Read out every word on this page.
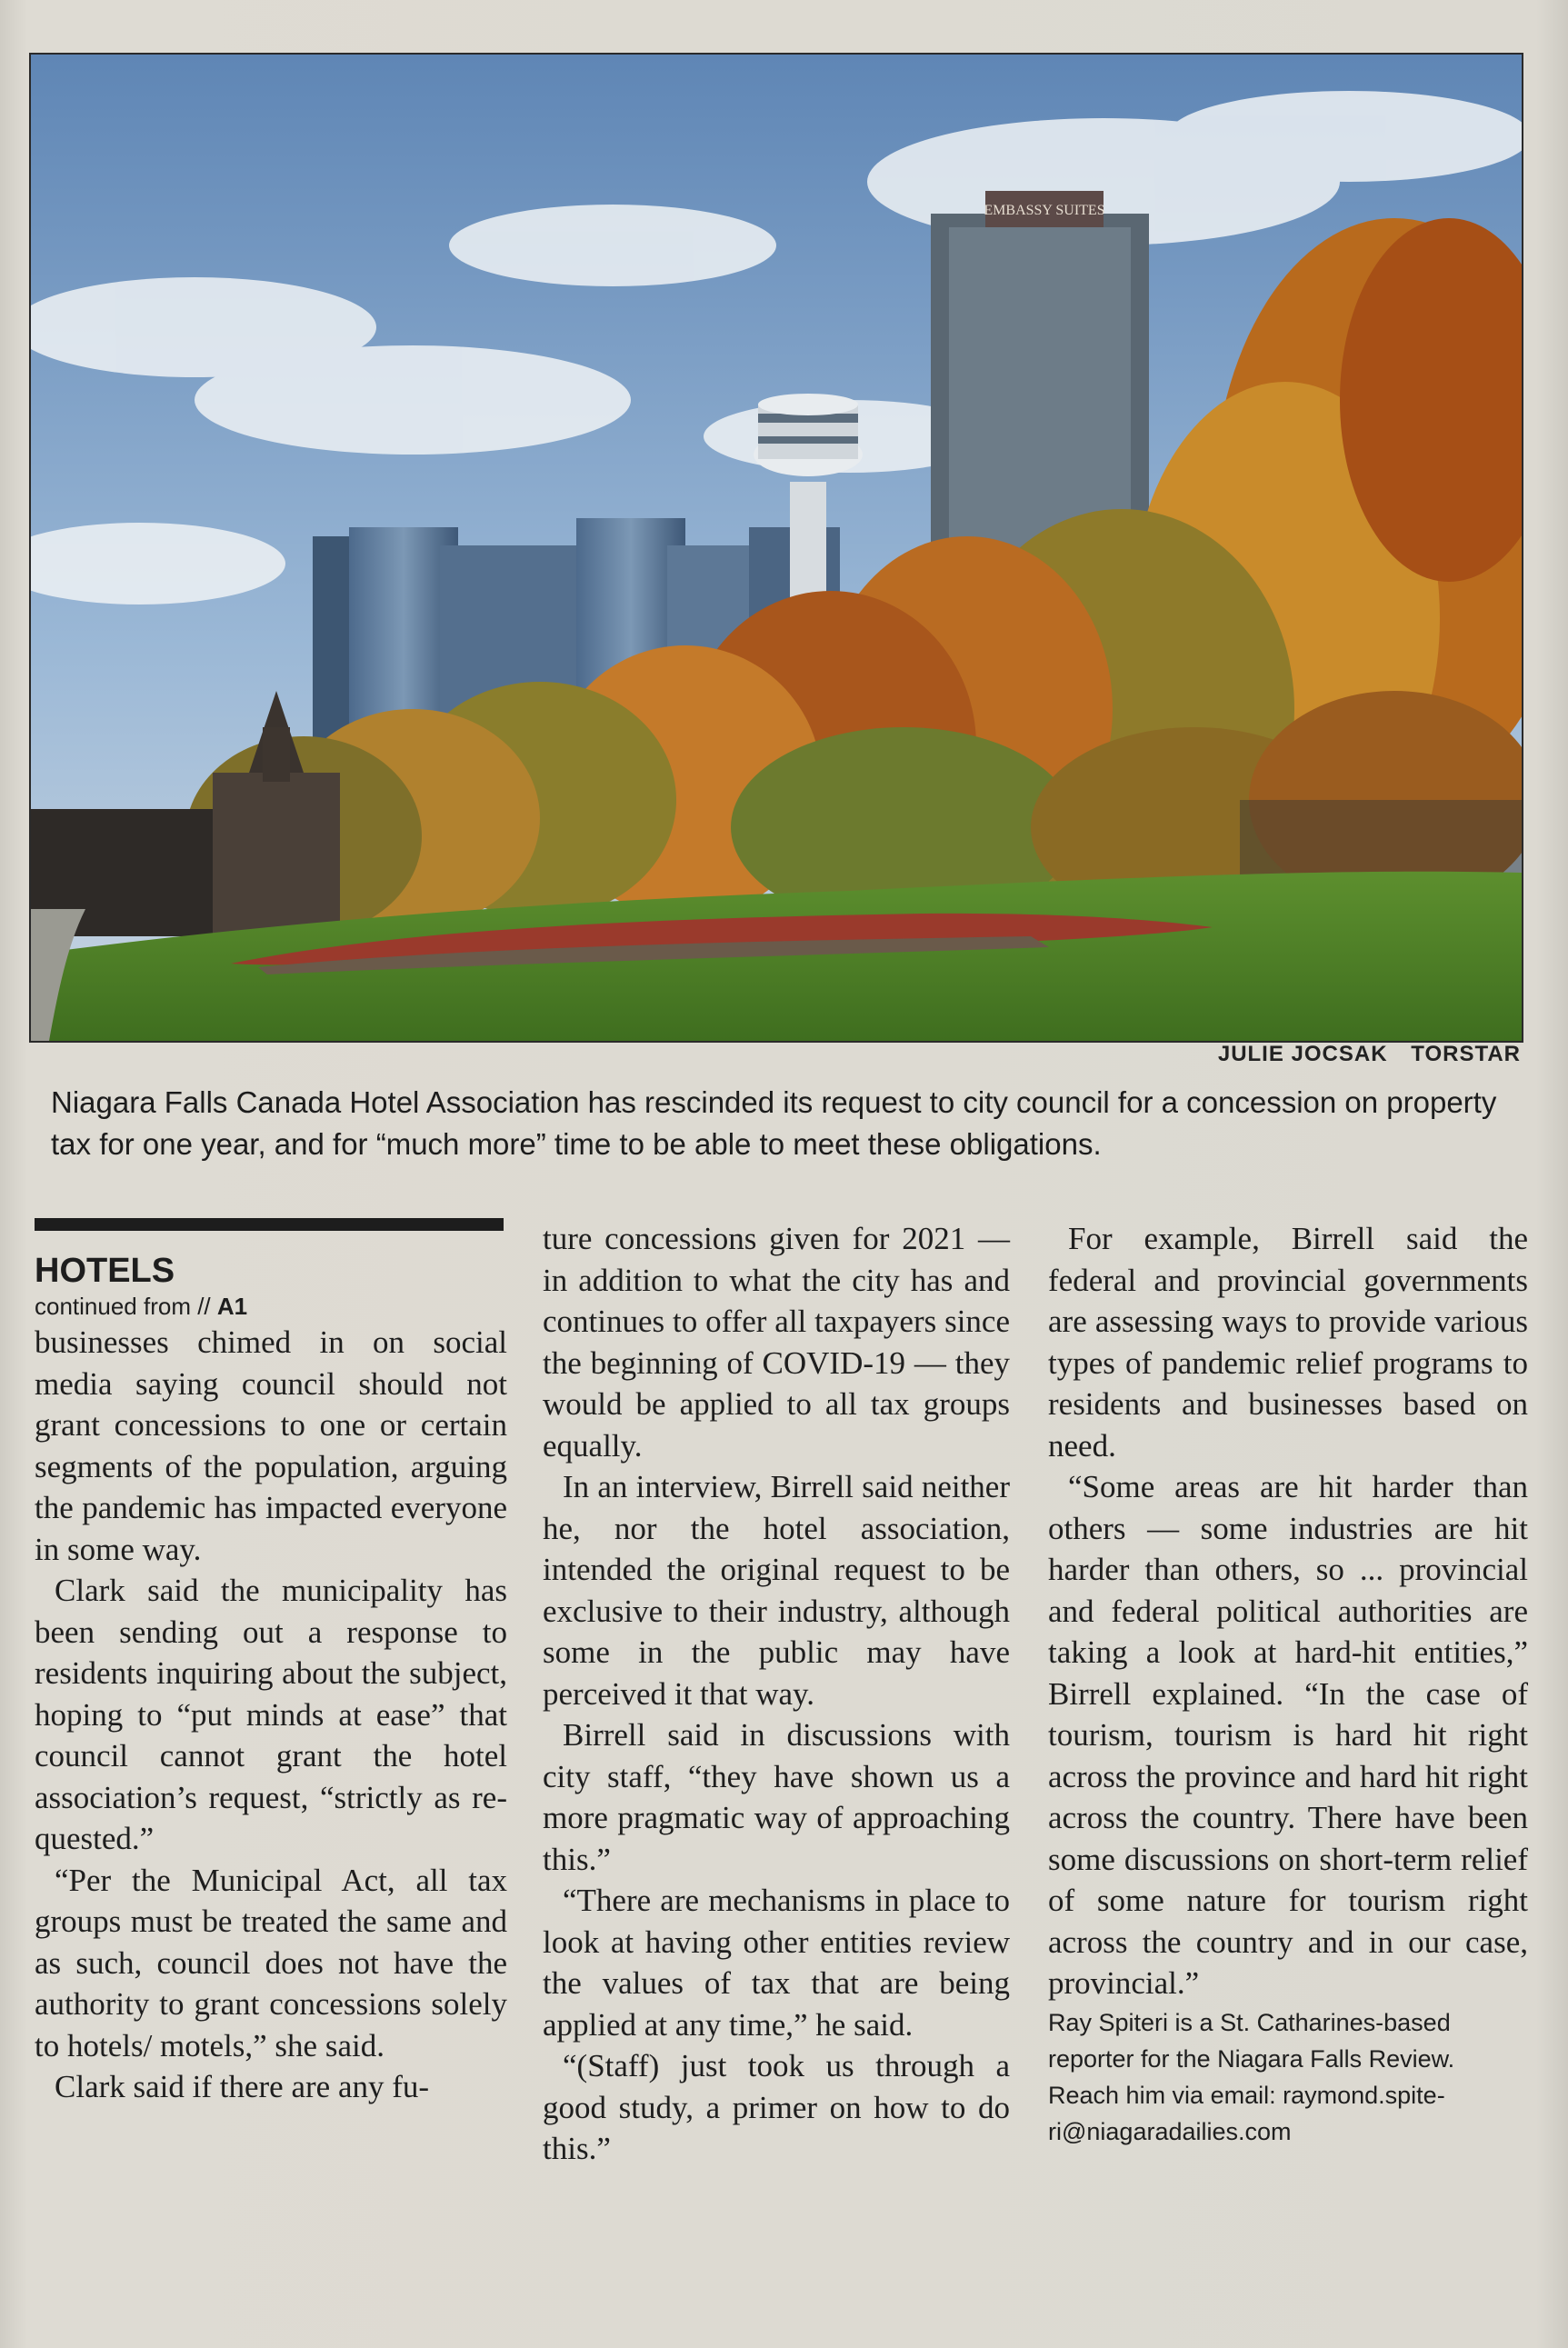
EMBASSY SUITES
JULIE JOCSAK TORSTAR
Niagara Falls Canada Hotel Association has rescinded its request to city council for a concession on property tax for one year, and for “much more” time to be able to meet these obligations.

HOTELS

continued from // A1

businesses chimed in on social media saying council should not grant concessions to one or certain segments of the population, arguing the pandemic has impacted everyone in some way.

Clark said the municipality has been sending out a response to residents inquiring about the subject, hoping to “put minds at ease” that council cannot grant the hotel association’s request, “strictly as requested.”

“Per the Municipal Act, all tax groups must be treated the same and as such, council does not have the authority to grant concessions solely to hotels/ motels,” she said.

Clark said if there are any fu-

ture concessions given for 2021 — in addition to what the city has and continues to offer all taxpayers since the beginning of COVID-19 — they would be applied to all tax groups equally.

In an interview, Birrell said neither he, nor the hotel association, intended the original request to be exclusive to their industry, although some in the public may have perceived it that way.

Birrell said in discussions with city staff, “they have shown us a more pragmatic way of approaching this.”

“There are mechanisms in place to look at having other entities review the values of tax that are being applied at any time,” he said.

“(Staff) just took us through a good study, a primer on how to do this.”

For example, Birrell said the federal and provincial governments are assessing ways to provide various types of pandemic relief programs to residents and businesses based on need.

“Some areas are hit harder than others — some industries are hit harder than others, so ... provincial and federal political authorities are taking a look at hard-hit entities,” Birrell explained. “In the case of tourism, tourism is hard hit right across the province and hard hit right across the country. There have been some discussions on short-term relief of some nature for tourism right across the country and in our case, provincial.”

Ray Spiteri is a St. Catharines-based reporter for the Niagara Falls Review. Reach him via email: raymond.spiteri@niagaradailies.com
